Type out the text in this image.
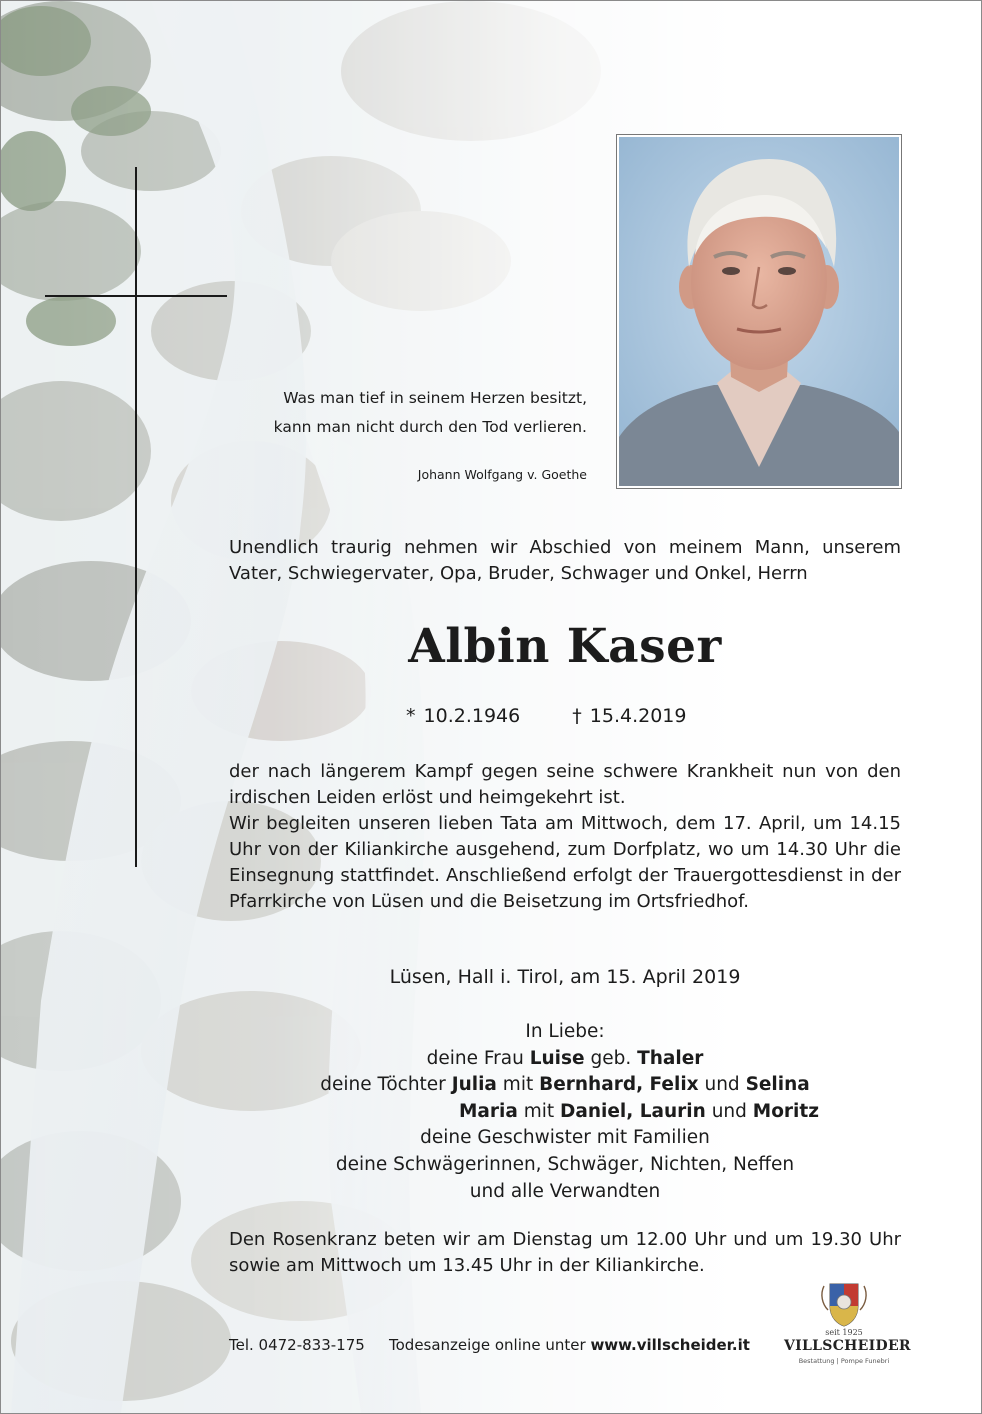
Was man tief in seinem Herzen besitzt,
kann man nicht durch den Tod verlieren.
Johann Wolfgang v. Goethe
Unendlich traurig nehmen wir Abschied von meinem Mann, unserem Vater, Schwiegervater, Opa, Bruder, Schwager und Onkel, Herrn
Albin Kaser
* 10.2.1946	† 15.4.2019
der nach längerem Kampf gegen seine schwere Krankheit nun von den irdischen Leiden erlöst und heimgekehrt ist.
Wir begleiten unseren lieben Tata am Mittwoch, dem 17. April, um 14.15 Uhr von der Kiliankirche ausgehend, zum Dorfplatz, wo um 14.30 Uhr die Einsegnung stattfindet. Anschließend erfolgt der Trauergottesdienst in der Pfarrkirche von Lüsen und die Beisetzung im Ortsfriedhof.
Lüsen, Hall i. Tirol, am 15. April 2019
In Liebe:
deine Frau Luise geb. Thaler
deine Töchter Julia mit Bernhard, Felix und Selina
Maria mit Daniel, Laurin und Moritz
deine Geschwister mit Familien
deine Schwägerinnen, Schwäger, Nichten, Neffen
und alle Verwandten
Den Rosenkranz beten wir am Dienstag um 12.00 Uhr und um 19.30 Uhr sowie am Mittwoch um 13.45 Uhr in der Kiliankirche.
Tel. 0472-833-175 Todesanzeige online unter www.villscheider.it
seit 1925
VILLSCHEIDER
Bestattung | Pompe Funebri
